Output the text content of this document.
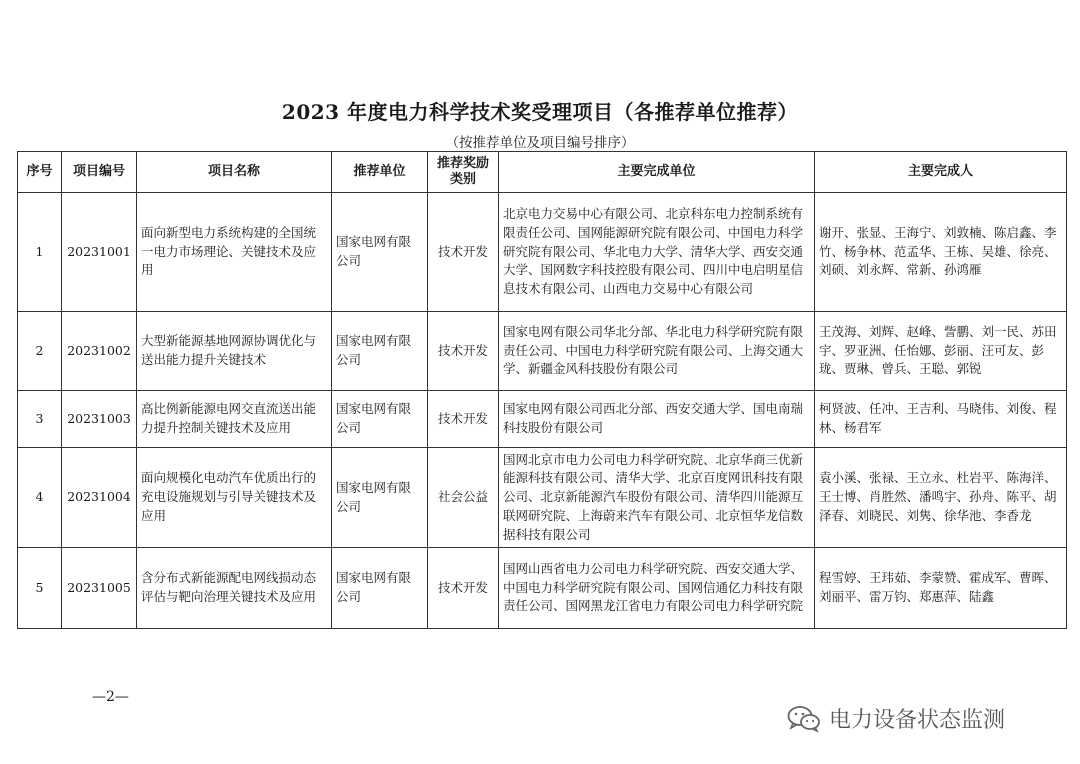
2023 年度电力科学技术奖受理项目（各推荐单位推荐）
（按推荐单位及项目编号排序）
序号	项目编号	项目名称	推荐单位	推荐奖励类别	主要完成单位	主要完成人
1	20231001	面向新型电力系统构建的全国统一电力市场理论、关键技术及应用	国家电网有限公司	技术开发	北京电力交易中心有限公司、北京科东电力控制系统有限责任公司、国网能源研究院有限公司、中国电力科学研究院有限公司、华北电力大学、清华大学、西安交通大学、国网数字科技控股有限公司、四川中电启明星信息技术有限公司、山西电力交易中心有限公司	谢开、张显、王海宁、刘敦楠、陈启鑫、李竹、杨争林、范孟华、王栋、吴雄、徐亮、刘硕、刘永辉、常新、孙鸿雁
2	20231002	大型新能源基地网源协调优化与送出能力提升关键技术	国家电网有限公司	技术开发	国家电网有限公司华北分部、华北电力科学研究院有限责任公司、中国电力科学研究院有限公司、上海交通大学、新疆金风科技股份有限公司	王茂海、刘辉、赵峰、訾鹏、刘一民、苏田宇、罗亚洲、任怡娜、彭丽、汪可友、彭珑、贾琳、曾兵、王聪、郭锐
3	20231003	高比例新能源电网交直流送出能力提升控制关键技术及应用	国家电网有限公司	技术开发	国家电网有限公司西北分部、西安交通大学、国电南瑞科技股份有限公司	柯贤波、任冲、王吉利、马晓伟、刘俊、程林、杨君军
4	20231004	面向规模化电动汽车优质出行的充电设施规划与引导关键技术及应用	国家电网有限公司	社会公益	国网北京市电力公司电力科学研究院、北京华商三优新能源科技有限公司、清华大学、北京百度网讯科技有限公司、北京新能源汽车股份有限公司、清华四川能源互联网研究院、上海蔚来汽车有限公司、北京恒华龙信数据科技有限公司	袁小溪、张禄、王立永、杜岩平、陈海洋、王士博、肖胜然、潘鸣宇、孙舟、陈平、胡泽春、刘晓民、刘隽、徐华池、李香龙
5	20231005	含分布式新能源配电网线损动态评估与靶向治理关键技术及应用	国家电网有限公司	技术开发	国网山西省电力公司电力科学研究院、西安交通大学、中国电力科学研究院有限公司、国网信通亿力科技有限责任公司、国网黑龙江省电力有限公司电力科学研究院	程雪婷、王玮茹、李蒙赞、霍成军、曹晖、刘丽平、雷万钧、郑惠萍、陆鑫
—2—
电力设备状态监测
